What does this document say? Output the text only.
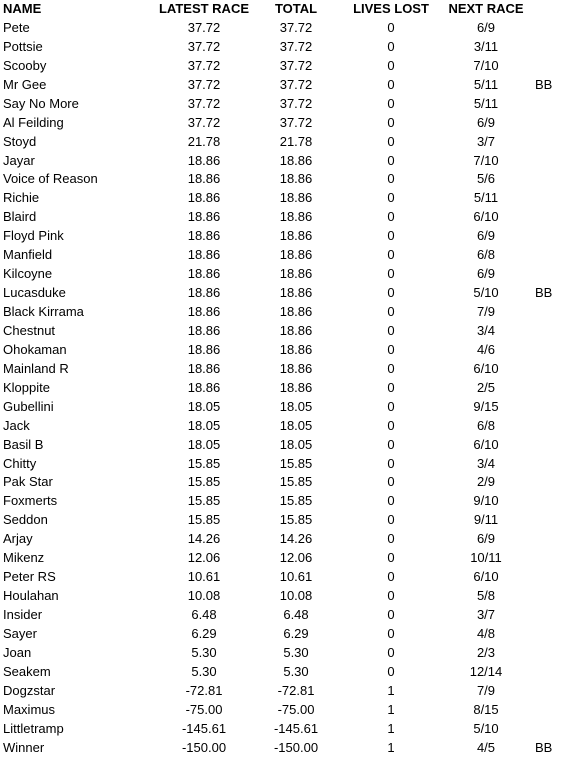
NAME	LATEST RACE	TOTAL	LIVES LOST	NEXT RACE	
Pete	37.72	37.72	0	6/9	
Pottsie	37.72	37.72	0	3/11	
Scooby	37.72	37.72	0	7/10	
Mr Gee	37.72	37.72	0	5/11	BB
Say No More	37.72	37.72	0	5/11	
Al Feilding	37.72	37.72	0	6/9	
Stoyd	21.78	21.78	0	3/7	
Jayar	18.86	18.86	0	7/10	
Voice of Reason	18.86	18.86	0	5/6	
Richie	18.86	18.86	0	5/11	
Blaird	18.86	18.86	0	6/10	
Floyd Pink	18.86	18.86	0	6/9	
Manfield	18.86	18.86	0	6/8	
Kilcoyne	18.86	18.86	0	6/9	
Lucasduke	18.86	18.86	0	5/10	BB
Black Kirrama	18.86	18.86	0	7/9	
Chestnut	18.86	18.86	0	3/4	
Ohokaman	18.86	18.86	0	4/6	
Mainland R	18.86	18.86	0	6/10	
Kloppite	18.86	18.86	0	2/5	
Gubellini	18.05	18.05	0	9/15	
Jack	18.05	18.05	0	6/8	
Basil B	18.05	18.05	0	6/10	
Chitty	15.85	15.85	0	3/4	
Pak Star	15.85	15.85	0	2/9	
Foxmerts	15.85	15.85	0	9/10	
Seddon	15.85	15.85	0	9/11	
Arjay	14.26	14.26	0	6/9	
Mikenz	12.06	12.06	0	10/11	
Peter RS	10.61	10.61	0	6/10	
Houlahan	10.08	10.08	0	5/8	
Insider	6.48	6.48	0	3/7	
Sayer	6.29	6.29	0	4/8	
Joan	5.30	5.30	0	2/3	
Seakem	5.30	5.30	0	12/14	
Dogzstar	-72.81	-72.81	1	7/9	
Maximus	-75.00	-75.00	1	8/15	
Littletramp	-145.61	-145.61	1	5/10	
Winner	-150.00	-150.00	1	4/5	BB
